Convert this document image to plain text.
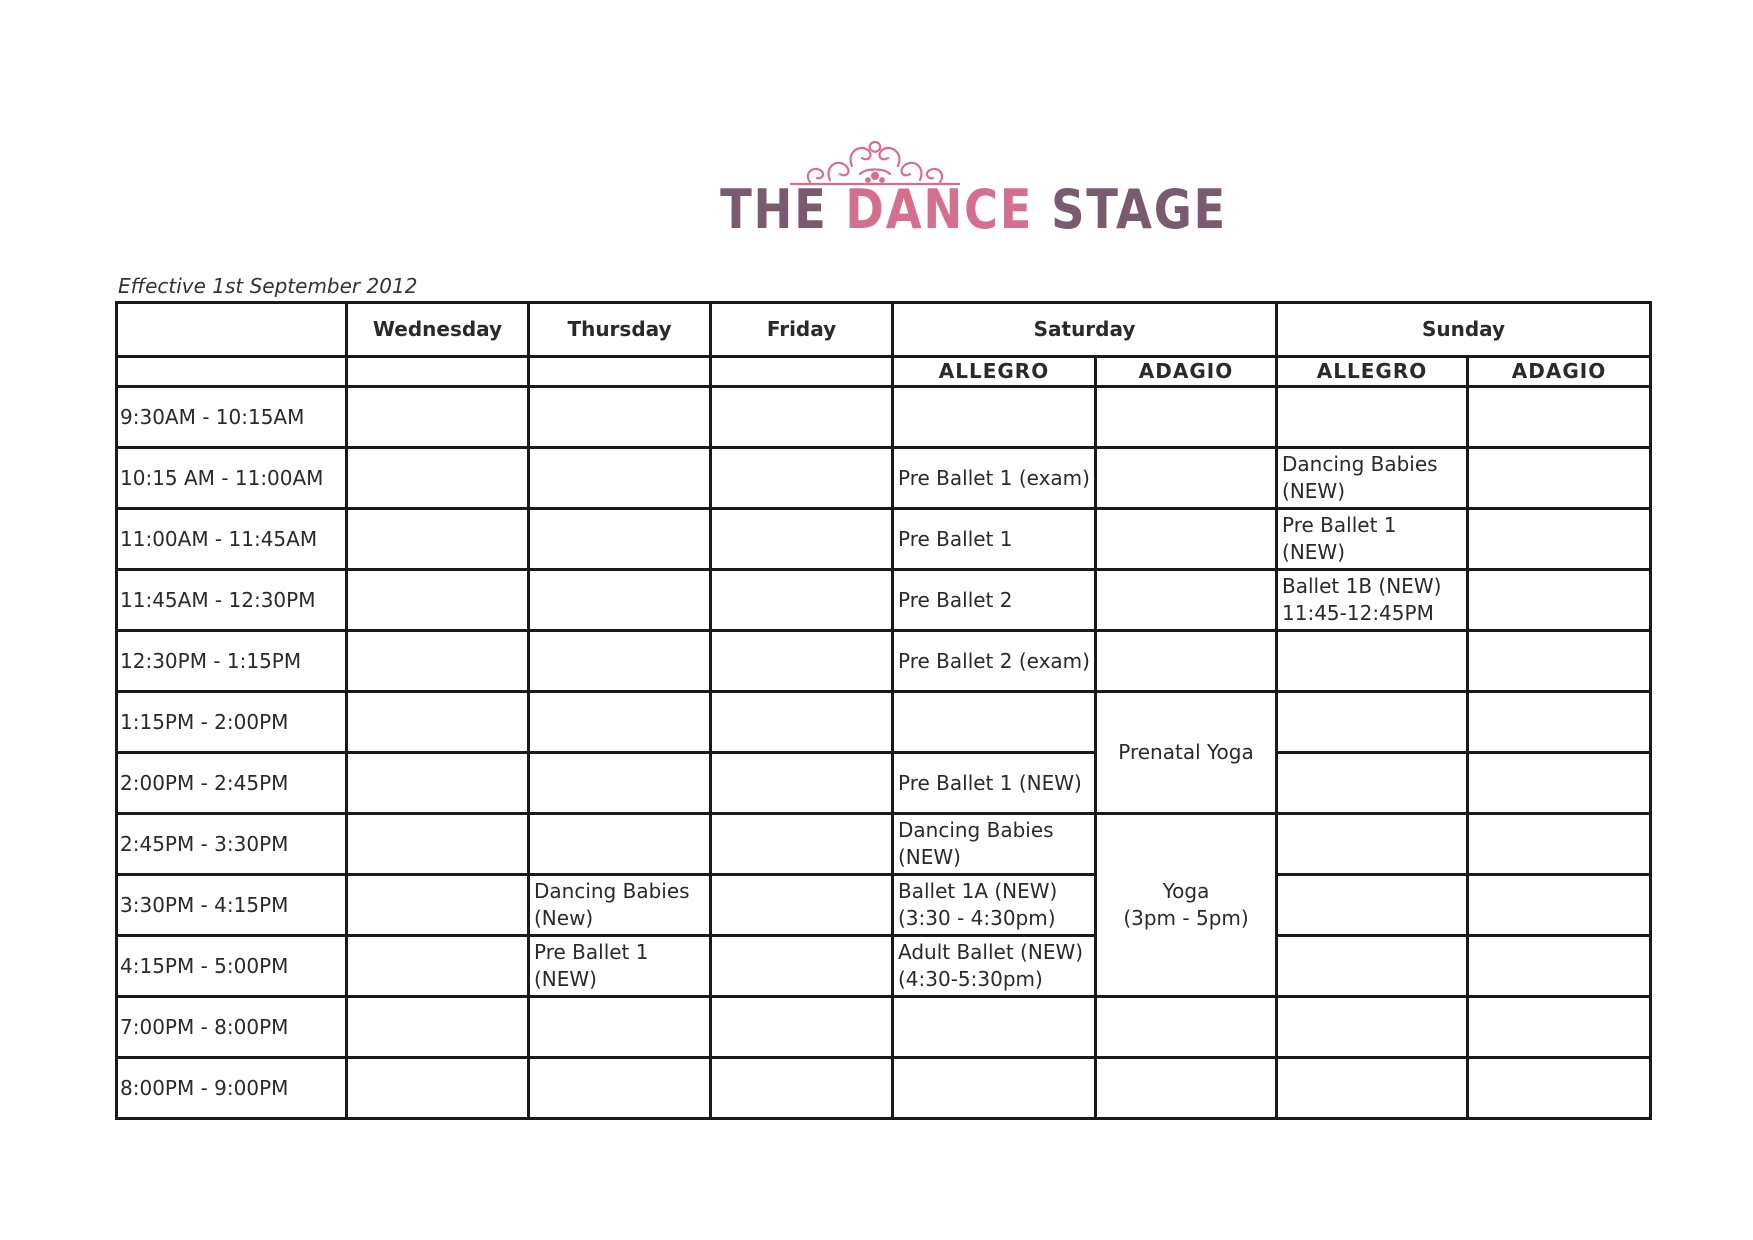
THE DANCE STAGE
Effective 1st September 2012
	Wednesday	Thursday	Friday	Saturday		Sunday	
				ALLEGRO	ADAGIO	ALLEGRO	ADAGIO
9:30AM - 10:15AM							
10:15 AM - 11:00AM				Pre Ballet 1 (exam)		Dancing Babies (NEW)	
11:00AM - 11:45AM				Pre Ballet 1		Pre Ballet 1 (NEW)	
11:45AM - 12:30PM				Pre Ballet 2		Ballet 1B (NEW) 11:45-12:45PM	
12:30PM - 1:15PM				Pre Ballet 2 (exam)			
1:15PM - 2:00PM					Prenatal Yoga		
2:00PM - 2:45PM				Pre Ballet 1 (NEW)			
2:45PM - 3:30PM				Dancing Babies (NEW)	Yoga
(3pm - 5pm)		
3:30PM - 4:15PM		Dancing Babies (New)		Ballet 1A (NEW) (3:30 - 4:30pm)			
4:15PM - 5:00PM		Pre Ballet 1 (NEW)		Adult Ballet (NEW) (4:30-5:30pm)			
7:00PM - 8:00PM							
8:00PM - 9:00PM							
